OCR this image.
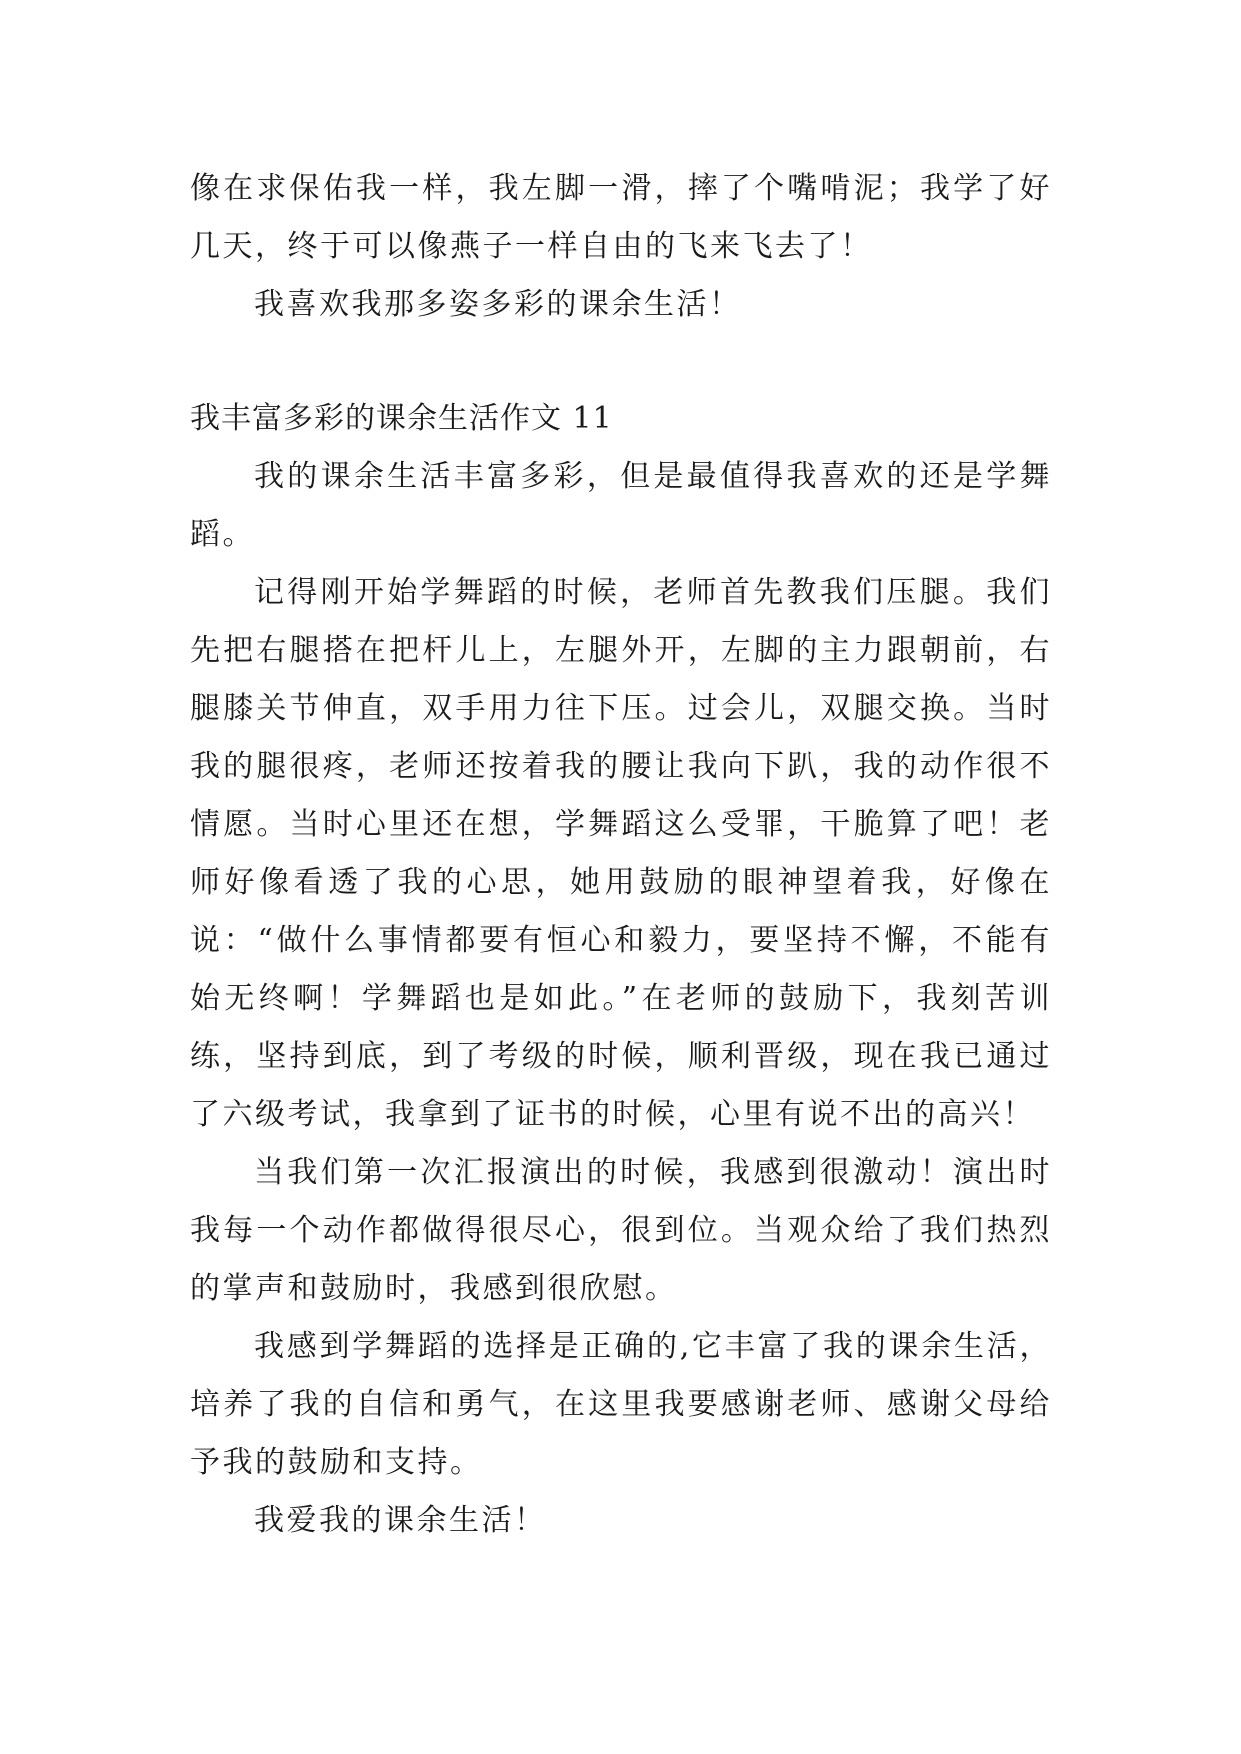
像在求保佑我一样，我左脚一滑，摔了个嘴啃泥；我学了好几天，终于可以像燕子一样自由的飞来飞去了！

我喜欢我那多姿多彩的课余生活！

我丰富多彩的课余生活作文 11

我的课余生活丰富多彩，但是最值得我喜欢的还是学舞蹈。

记得刚开始学舞蹈的时候，老师首先教我们压腿。我们先把右腿搭在把杆儿上，左腿外开，左脚的主力跟朝前，右腿膝关节伸直，双手用力往下压。过会儿，双腿交换。当时我的腿很疼，老师还按着我的腰让我向下趴，我的动作很不情愿。当时心里还在想，学舞蹈这么受罪，干脆算了吧！老师好像看透了我的心思，她用鼓励的眼神望着我，好像在说：“做什么事情都要有恒心和毅力，要坚持不懈，不能有始无终啊！学舞蹈也是如此。”在老师的鼓励下，我刻苦训练，坚持到底，到了考级的时候，顺利晋级，现在我已通过了六级考试，我拿到了证书的时候，心里有说不出的高兴！

当我们第一次汇报演出的时候，我感到很激动！演出时我每一个动作都做得很尽心，很到位。当观众给了我们热烈的掌声和鼓励时，我感到很欣慰。

我感到学舞蹈的选择是正确的,它丰富了我的课余生活，培养了我的自信和勇气，在这里我要感谢老师、感谢父母给予我的鼓励和支持。

我爱我的课余生活！
